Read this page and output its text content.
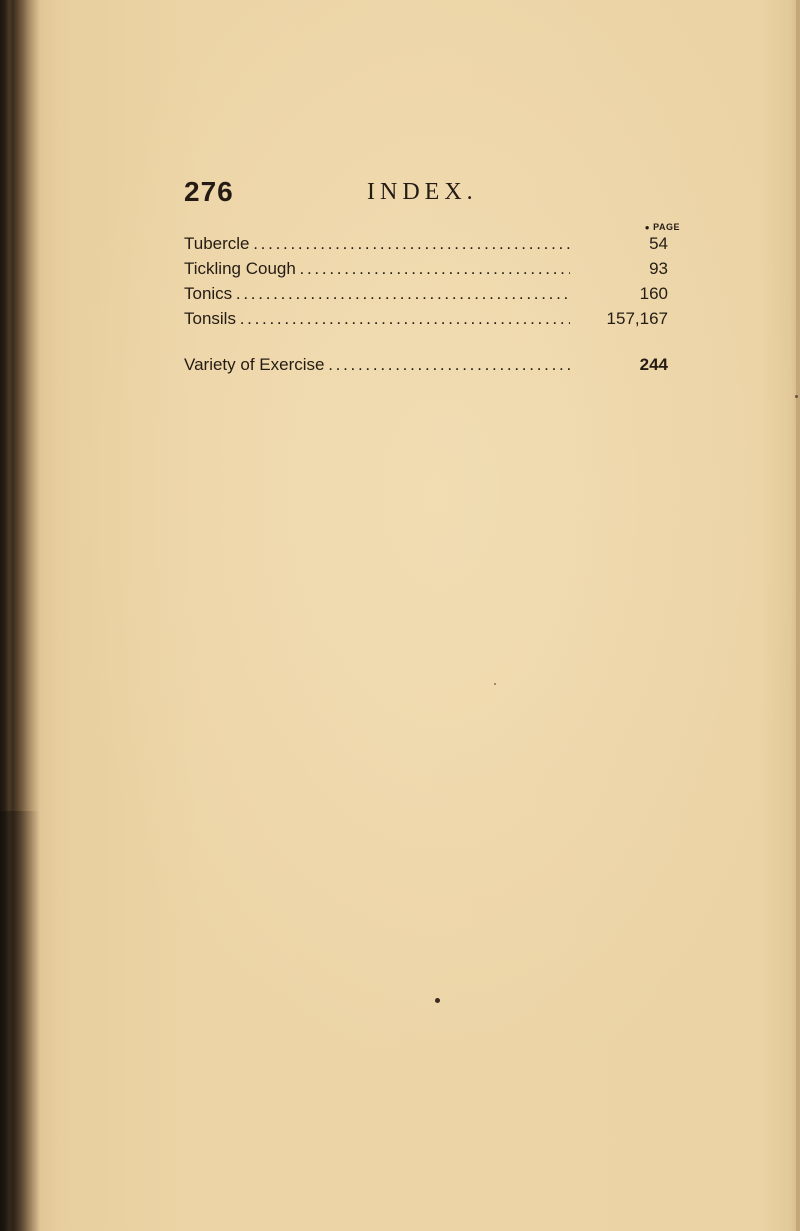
276	INDEX.
● PAGE
Tubercle . . .	54
Tickling Cough . . .	93
Tonics . . .	160
Tonsils . . .	157,167
Variety of Exercise . . .	244
